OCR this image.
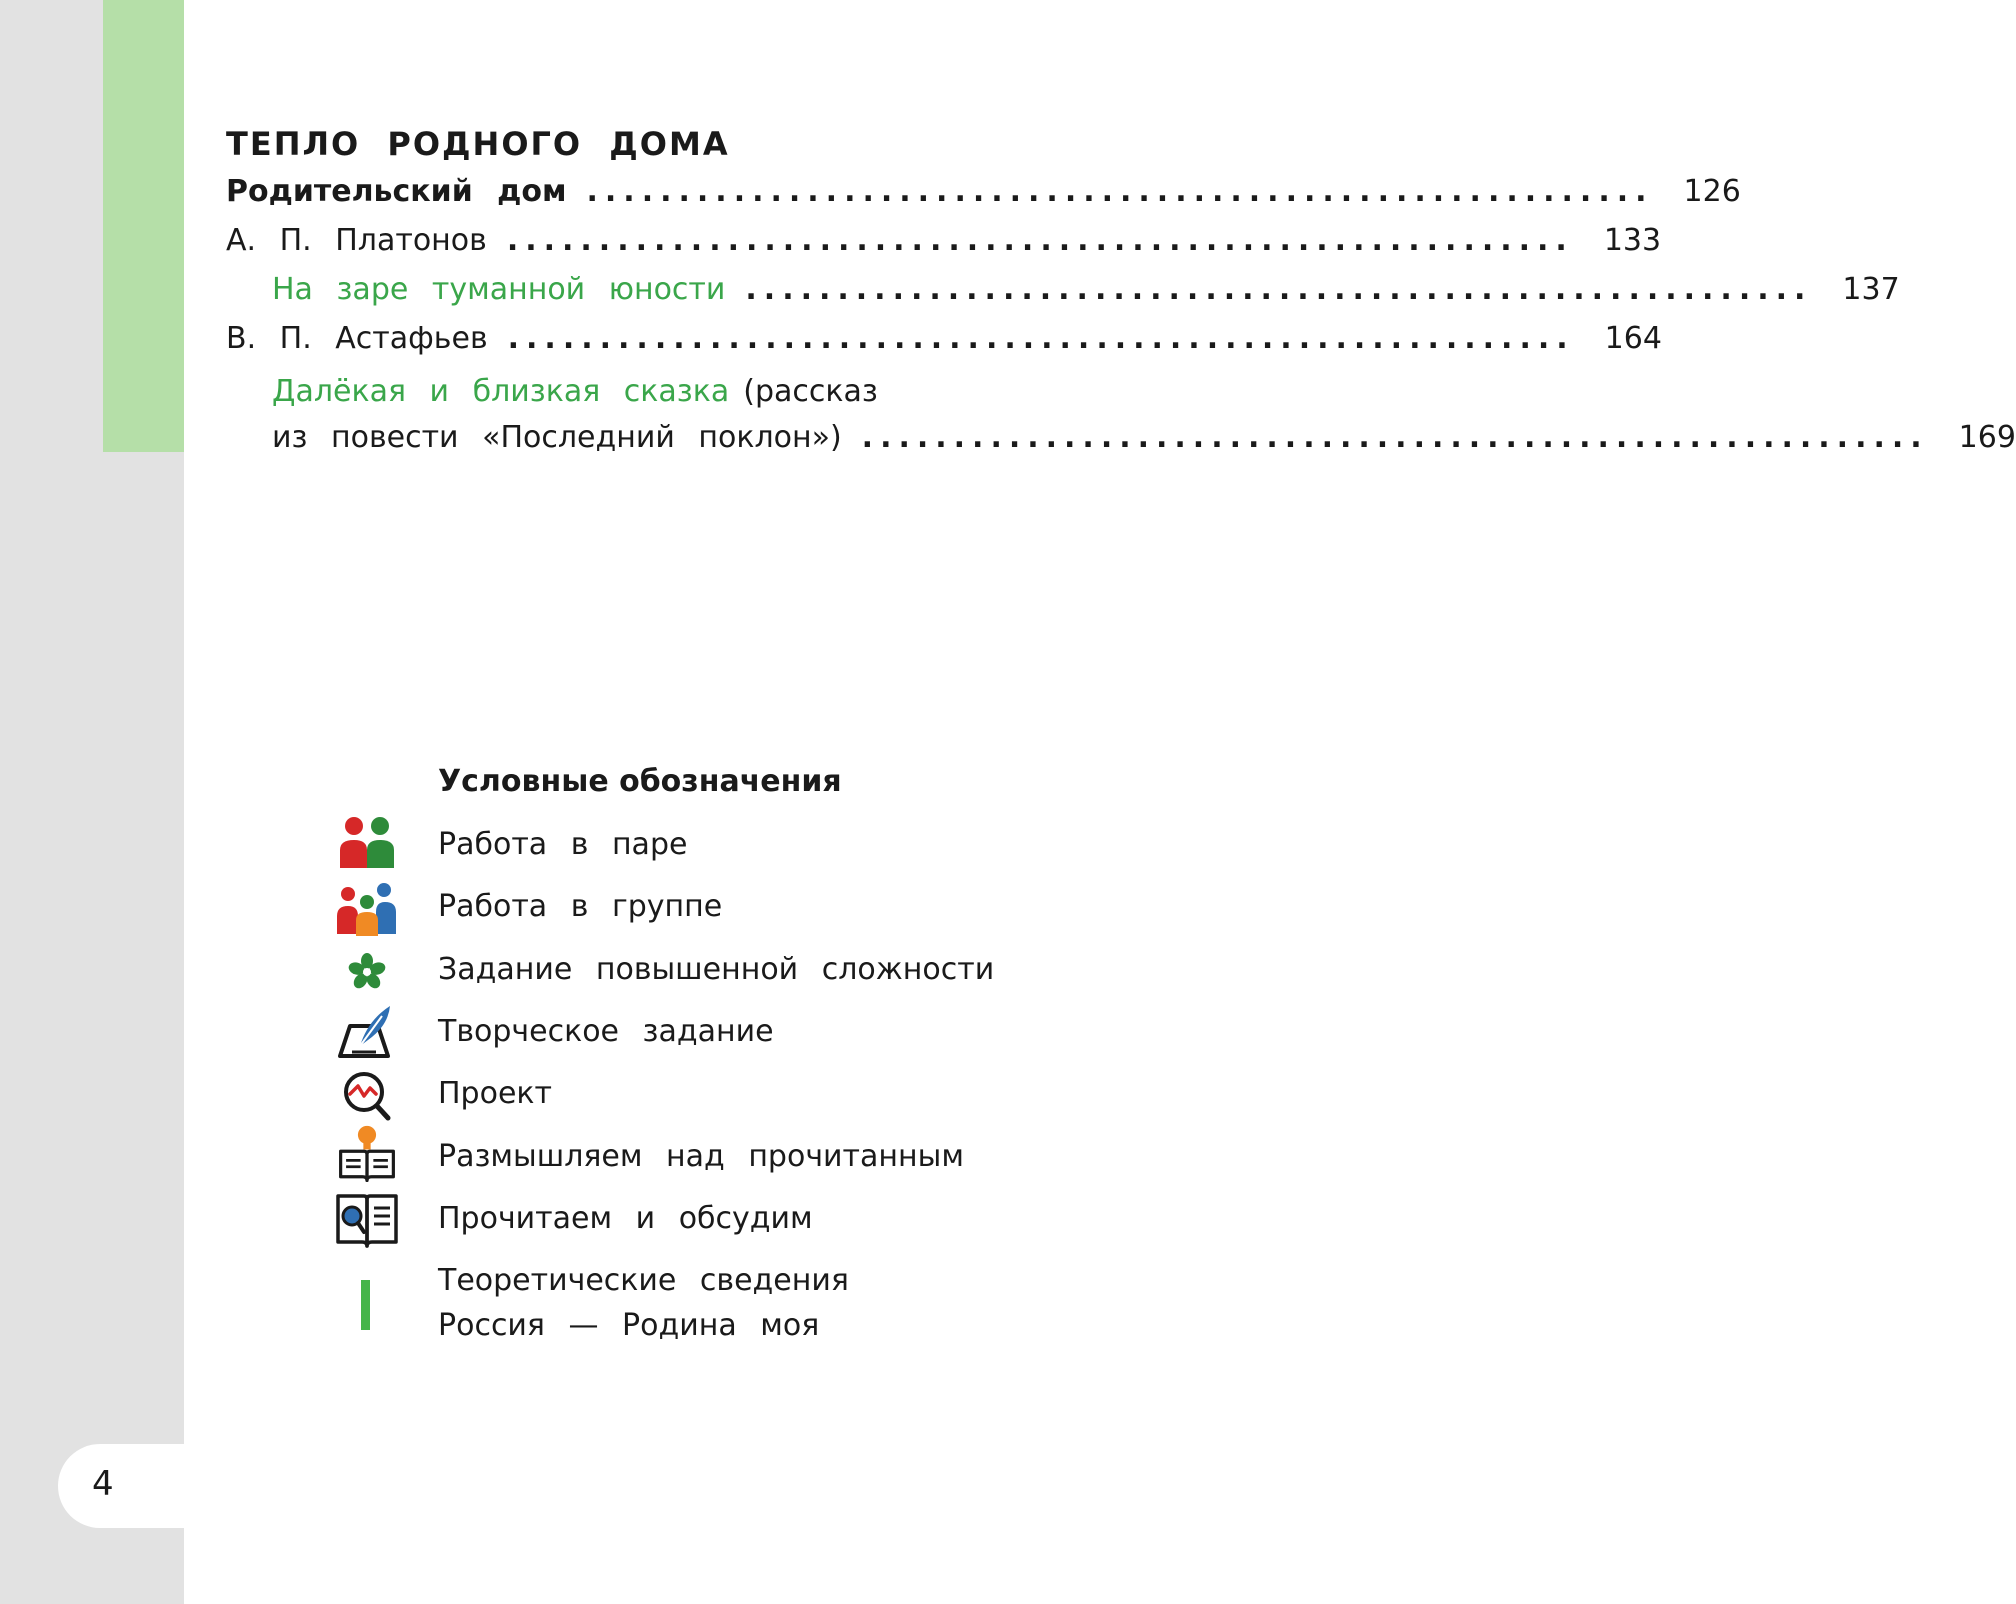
4
ТЕПЛО РОДНОГО ДОМА
Родительский дом .......................................................... 126
А. П. Платонов .......................................................... 133
На заре туманной юности .......................................................... 137
В. П. Астафьев .......................................................... 164
Далёкая и близкая сказка (рассказ
из повести «Последний поклон») .......................................................... 169
Условные обозначения
Работа в паре
Работа в группе
Задание повышенной сложности
Творческое задание
Проект
Размышляем над прочитанным
Прочитаем и обсудим
Теоретические сведения
Россия — Родина моя
